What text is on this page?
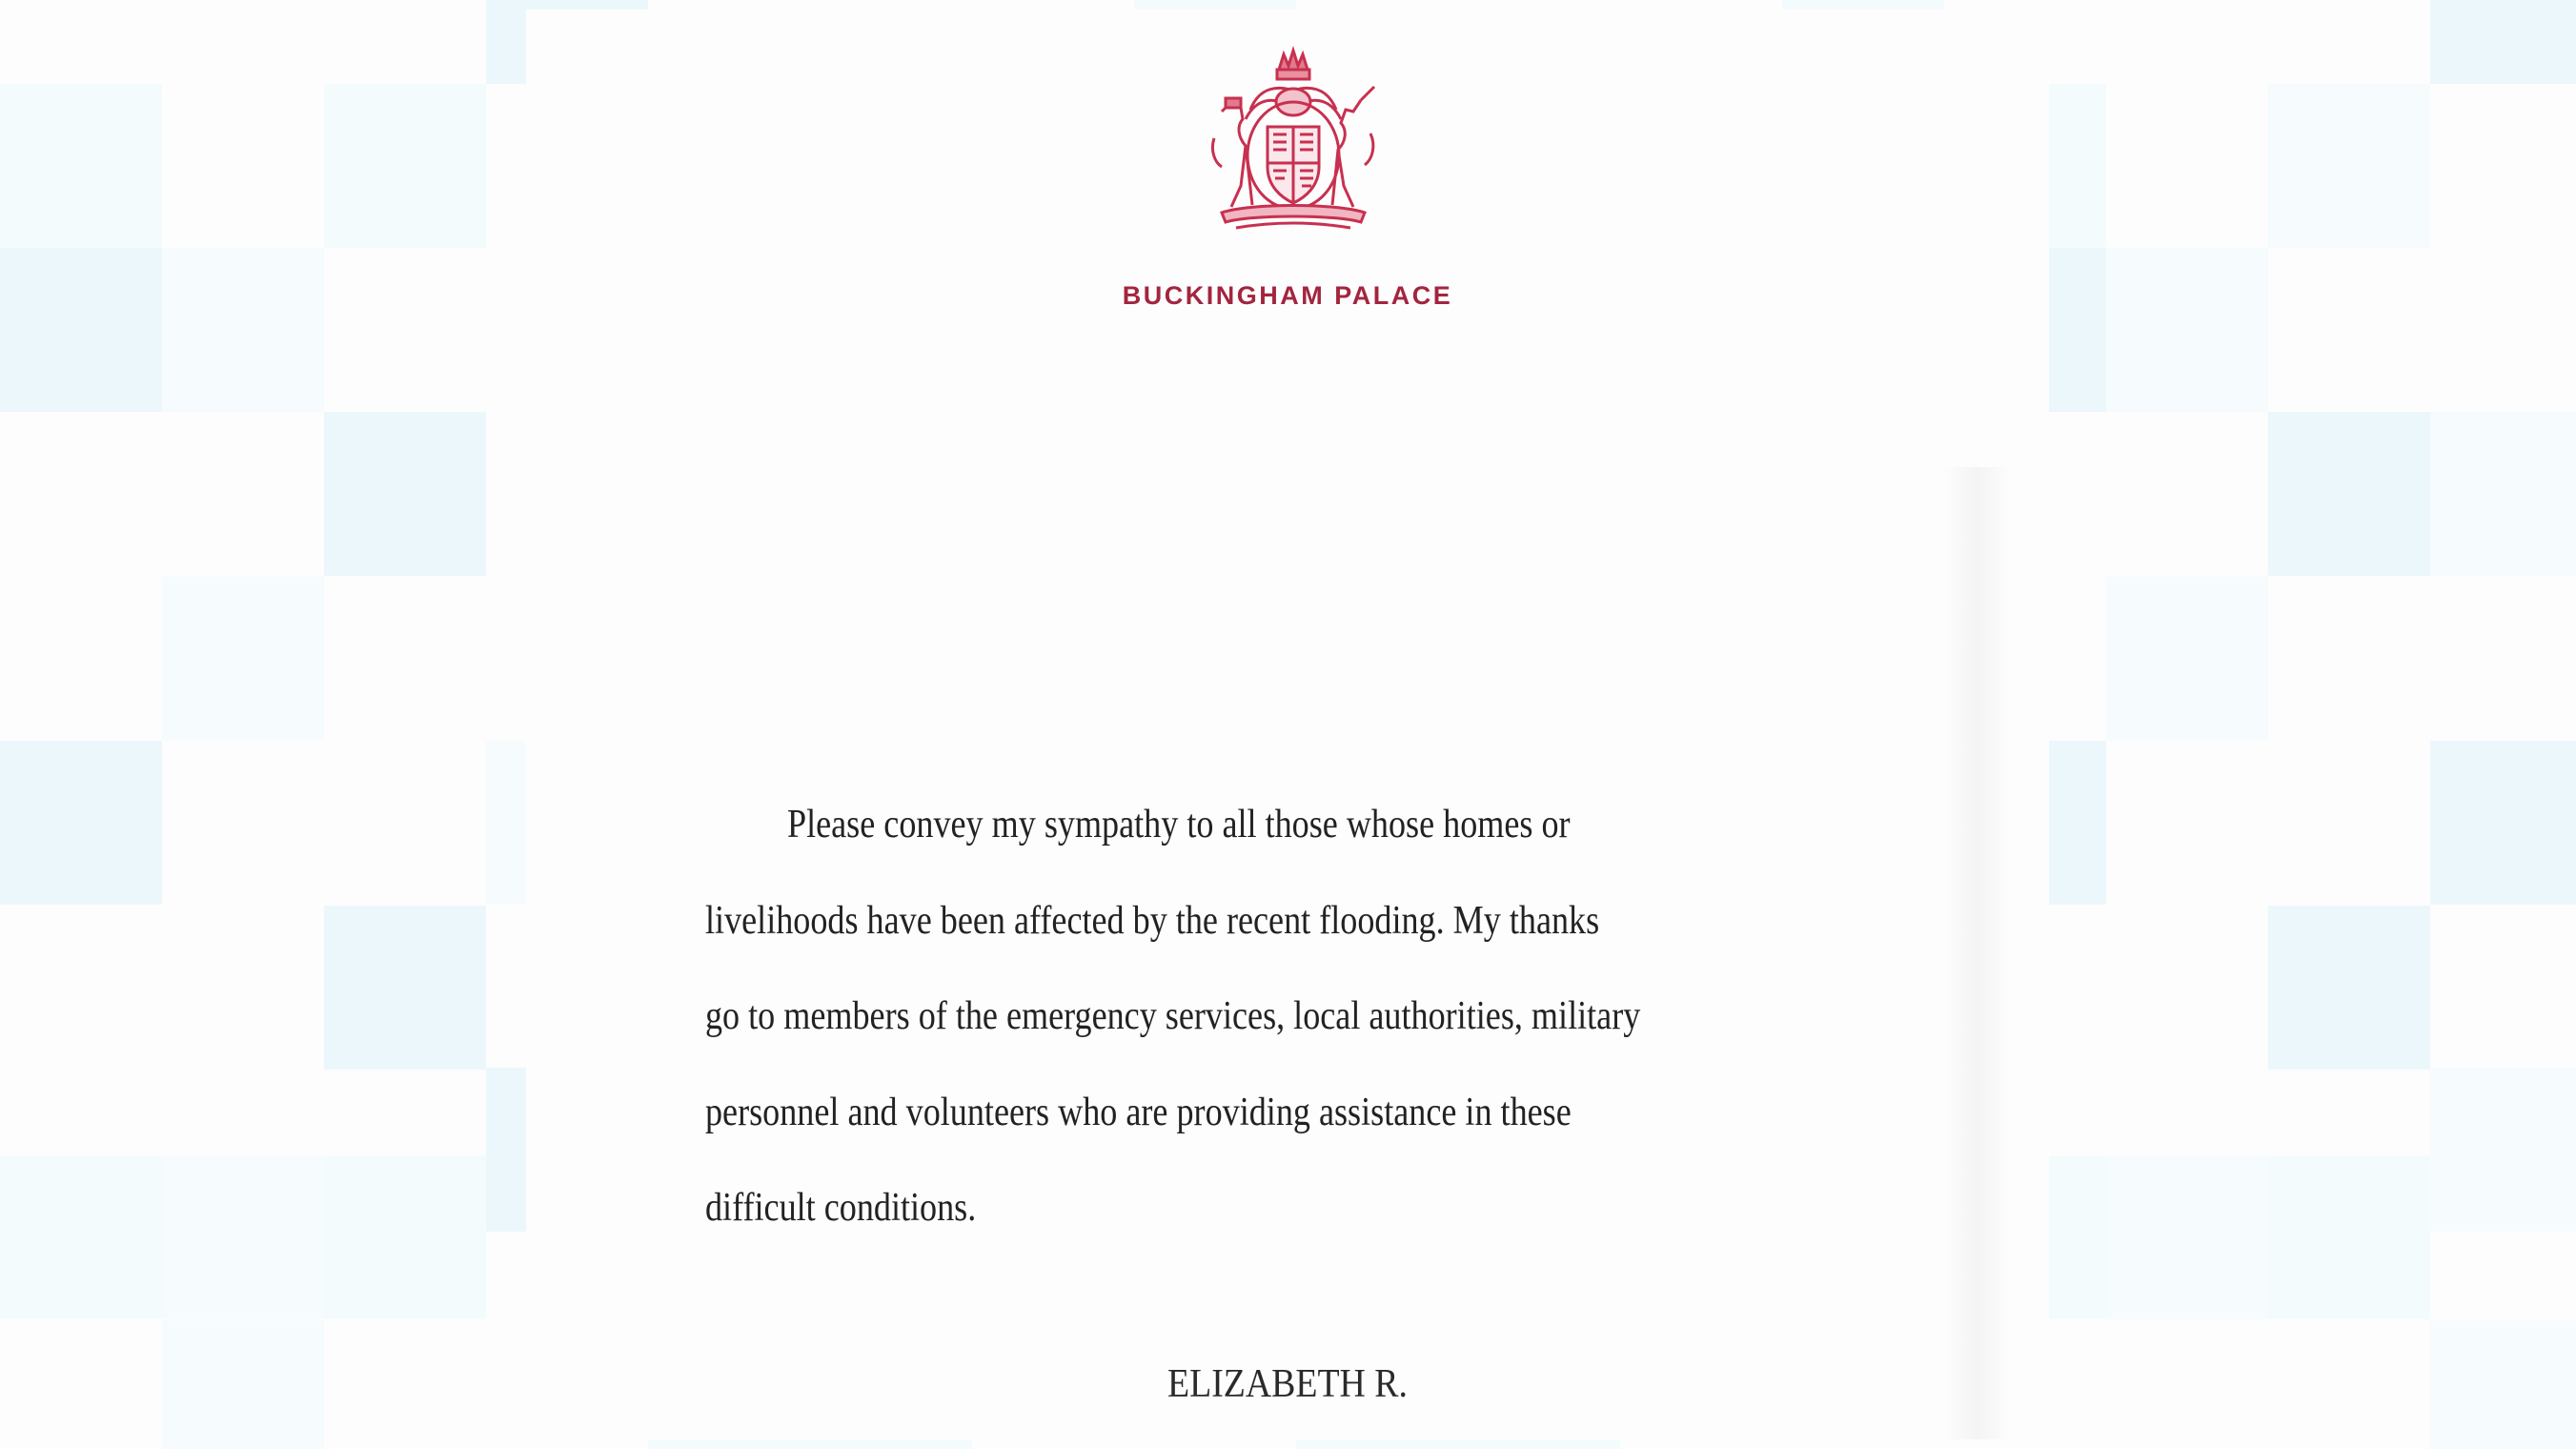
BUCKINGHAM PALACE
Please convey my sympathy to all those whose homes or
livelihoods have been affected by the recent flooding. My thanks
go to members of the emergency services, local authorities, military
personnel and volunteers who are providing assistance in these
difficult conditions.
ELIZABETH R.
